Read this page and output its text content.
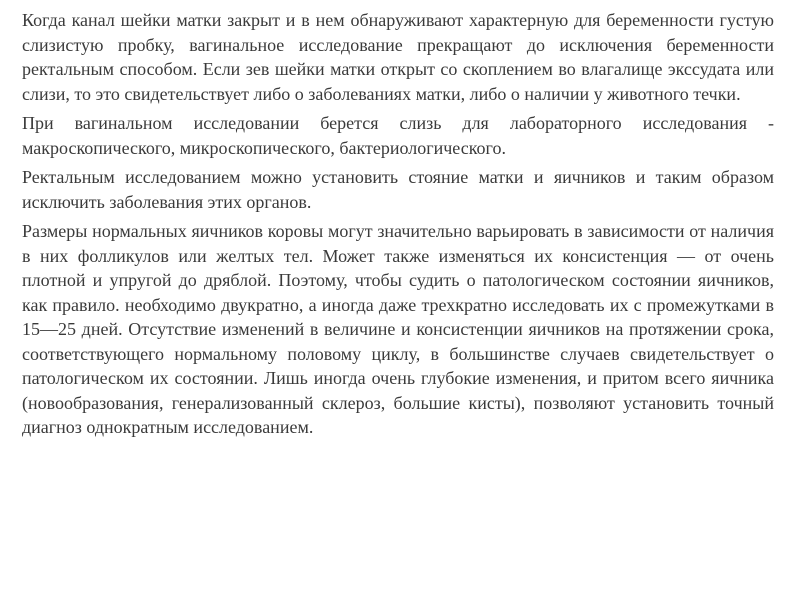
Когда канал шейки матки закрыт и в нем обнаруживают характерную для беременности густую слизистую пробку, вагинальное исследование прекращают до исключения беременности ректальным способом. Если зев шейки матки открыт со скоплением во влагалище экссудата или слизи, то это свидетельствует либо о заболеваниях матки, либо о наличии у животного течки.

При вагинальном исследовании берется слизь для лабораторного исследования - макроскопического, микроскопического, бактериологического.

Ректальным исследованием можно установить стояние матки и яичников и таким образом исключить заболевания этих органов.

Размеры нормальных яичников коровы могут значительно варьировать в зависимости от наличия в них фолликулов или желтых тел. Может также изменяться их консистенция — от очень плотной и упругой до дряблой. Поэтому, чтобы судить о патологическом состоянии яичников, как правило. необходимо двукратно, а иногда даже трехкратно исследовать их с промежутками в 15—25 дней. Отсутствие изменений в величине и консистенции яичников на протяжении срока, соответствующего нормальному половому циклу, в большинстве случаев свидетельствует о патологическом их состоянии. Лишь иногда очень глубокие изменения, и притом всего яичника (новообразования, генерализованный склероз, большие кисты), позволяют установить точный диагноз однократным исследованием.
